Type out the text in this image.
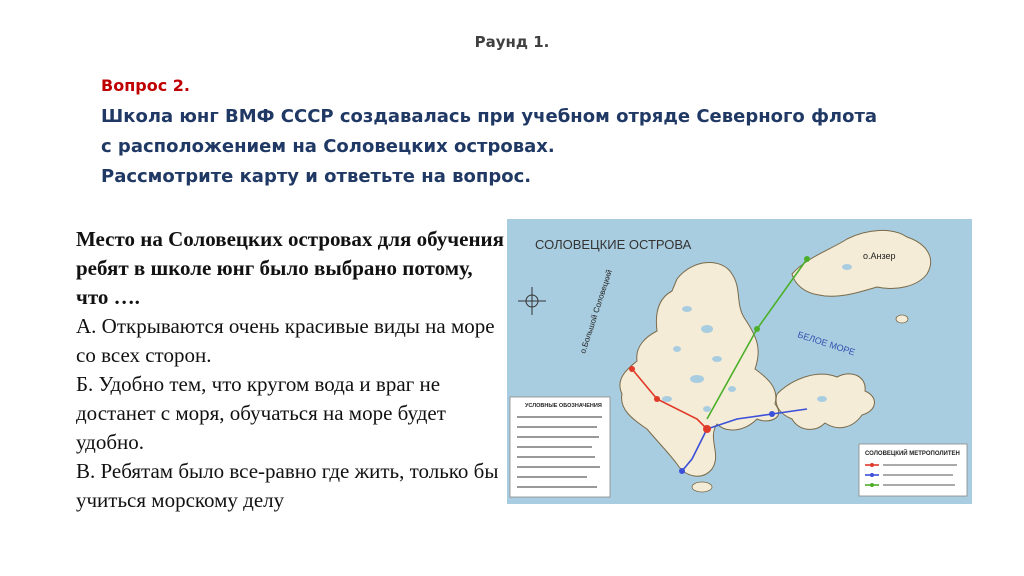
Раунд 1.
Вопрос 2.
Школа юнг ВМФ СССР создавалась при учебном отряде Северного флота
с расположением на Соловецких островах.
Рассмотрите карту и ответьте на вопрос.
Место на Соловецких островах для обучения ребят в школе юнг было выбрано потому, что ….
А. Открываются очень красивые виды на море со всех сторон.
Б. Удобно тем, что кругом вода и враг не достанет с моря, обучаться на море будет удобно.
В. Ребятам было все-равно где жить, только бы учиться морскому делу
СОЛОВЕЦКИЕ ОСТРОВА
о.Анзер
БЕЛОЕ МОРЕ
о.Большой Соловецкий
УСЛОВНЫЕ ОБОЗНАЧЕНИЯ
СОЛОВЕЦКИЙ МЕТРОПОЛИТЕН
